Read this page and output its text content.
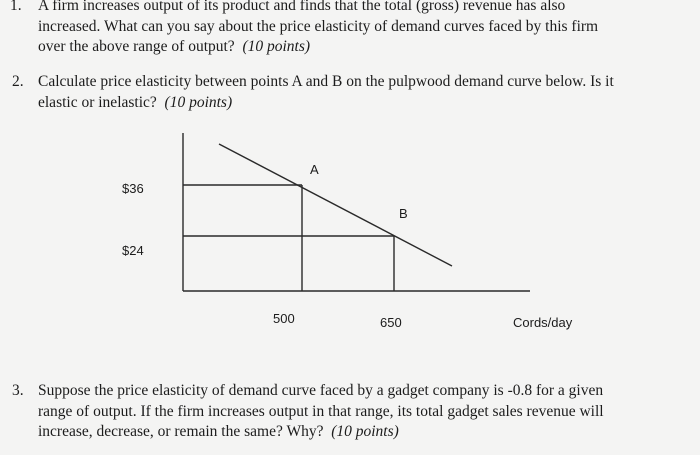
1. A firm increases output of its product and finds that the total (gross) revenue has also

increased. What can you say about the price elasticity of demand curves faced by this firm

over the above range of output? (10 points)

2. Calculate price elasticity between points A and B on the pulpwood demand curve below. Is it

elastic or inelastic? (10 points)

$36
$24
A
B
500	650	Cords/day
3. Suppose the price elasticity of demand curve faced by a gadget company is -0.8 for a given

range of output. If the firm increases output in that range, its total gadget sales revenue will

increase, decrease, or remain the same? Why? (10 points)
